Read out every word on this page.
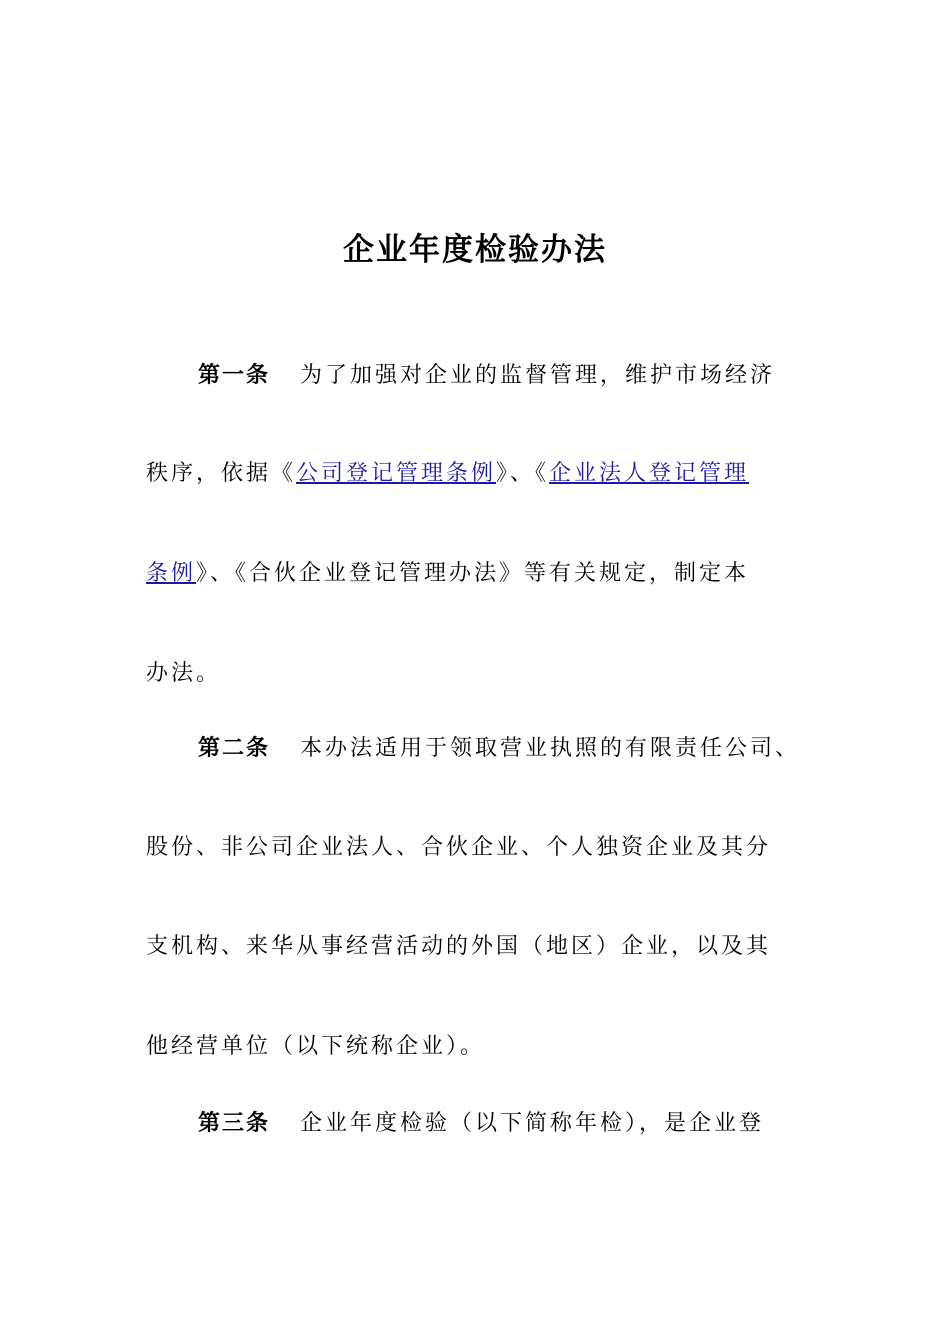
企业年度检验办法
第一条 为了加强对企业的监督管理，维护市场经济
秩序，依据《公司登记管理条例》、《企业法人登记管理
条例》、《合伙企业登记管理办法》等有关规定，制定本
办法。
第二条 本办法适用于领取营业执照的有限责任公司、
股份、非公司企业法人、合伙企业、个人独资企业及其分
支机构、来华从事经营活动的外国（地区）企业，以及其
他经营单位（以下统称企业）。
第三条 企业年度检验（以下简称年检），是企业登
